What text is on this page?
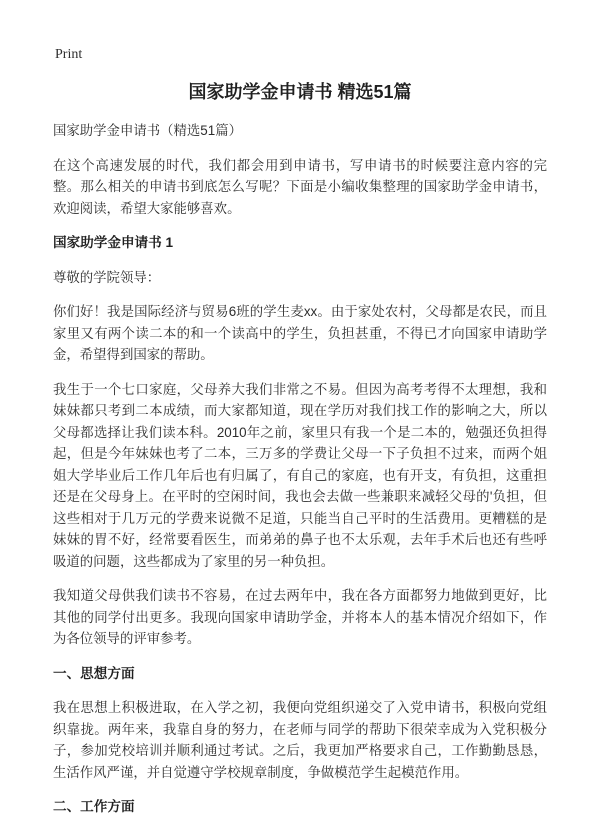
Print
国家助学金申请书 精选51篇

国家助学金申请书（精选51篇）

在这个高速发展的时代，我们都会用到申请书，写申请书的时候要注意内容的完整。那么相关的申请书到底怎么写呢？下面是小编收集整理的国家助学金申请书，欢迎阅读，希望大家能够喜欢。

国家助学金申请书 1

尊敬的学院领导：

你们好！我是国际经济与贸易6班的学生麦xx。由于家处农村，父母都是农民，而且家里又有两个读二本的和一个读高中的学生，负担甚重，不得已才向国家申请助学金，希望得到国家的帮助。

我生于一个七口家庭，父母养大我们非常之不易。但因为高考考得不太理想，我和妹妹都只考到二本成绩，而大家都知道，现在学历对我们找工作的影响之大，所以父母都选择让我们读本科。2010年之前，家里只有我一个是二本的，勉强还负担得起，但是今年妹妹也考了二本，三万多的学费让父母一下子负担不过来，而两个姐姐大学毕业后工作几年后也有归属了，有自己的家庭，也有开支，有负担，这重担还是在父母身上。在平时的空闲时间，我也会去做一些兼职来减轻父母的'负担，但这些相对于几万元的学费来说微不足道，只能当自己平时的生活费用。更糟糕的是妹妹的胃不好，经常要看医生，而弟弟的鼻子也不太乐观，去年手术后也还有些呼吸道的问题，这些都成为了家里的另一种负担。

我知道父母供我们读书不容易，在过去两年中，我在各方面都努力地做到更好，比其他的同学付出更多。我现向国家申请助学金，并将本人的基本情况介绍如下，作为各位领导的评审参考。

一、思想方面

我在思想上积极进取，在入学之初，我便向党组织递交了入党申请书，积极向党组织靠拢。两年来，我靠自身的努力，在老师与同学的帮助下很荣幸成为入党积极分子，参加党校培训并顺利通过考试。之后，我更加严格要求自己，工作勤勤恳恳，生活作风严谨，并自觉遵守学校规章制度，争做模范学生起模范作用。

二、工作方面
